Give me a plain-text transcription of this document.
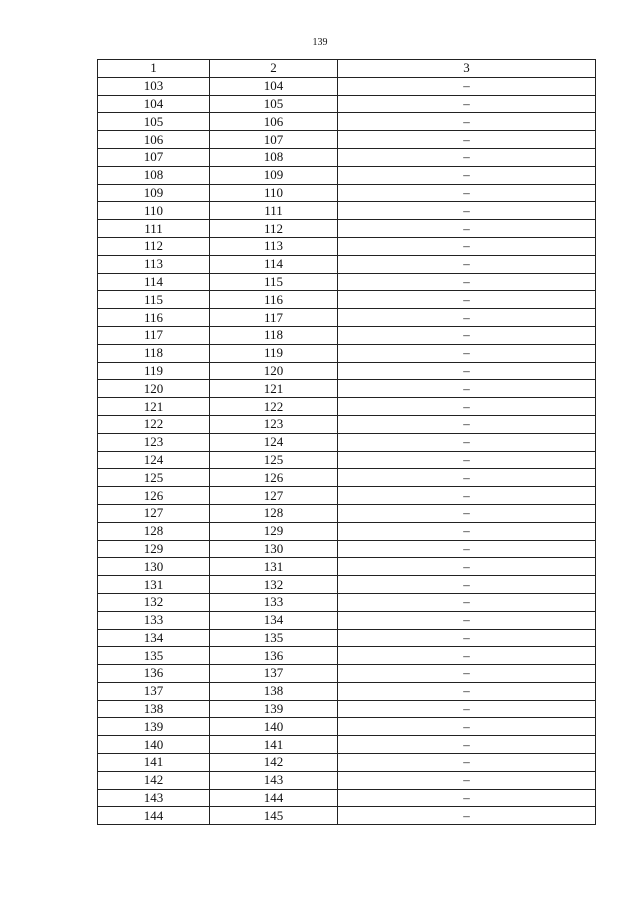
139
1	2	3
103	104	–
104	105	–
105	106	–
106	107	–
107	108	–
108	109	–
109	110	–
110	111	–
111	112	–
112	113	–
113	114	–
114	115	–
115	116	–
116	117	–
117	118	–
118	119	–
119	120	–
120	121	–
121	122	–
122	123	–
123	124	–
124	125	–
125	126	–
126	127	–
127	128	–
128	129	–
129	130	–
130	131	–
131	132	–
132	133	–
133	134	–
134	135	–
135	136	–
136	137	–
137	138	–
138	139	–
139	140	–
140	141	–
141	142	–
142	143	–
143	144	–
144	145	–
